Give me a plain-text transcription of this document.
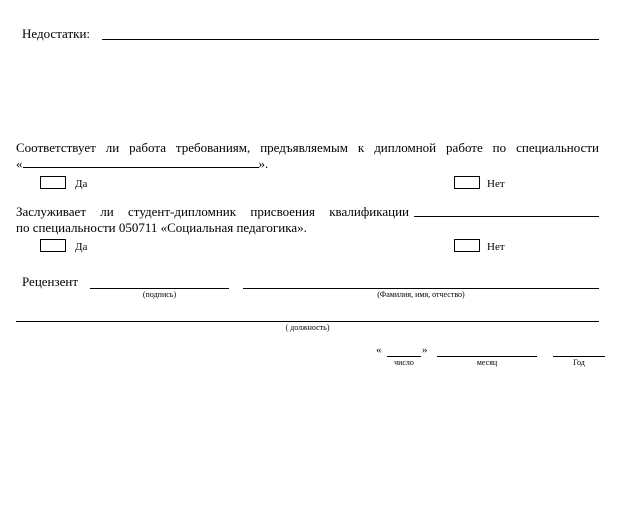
Недостатки:
Соответствует ли работа требованиям, предъявляемым к дипломной работе по специальности
«	».
Да	Нет
Заслуживает ли студент-дипломник присвоения квалификации
по специальности 050711 «Социальная педагогика».
Да	Нет
Рецензент
(подпись)	(Фамилия, имя, отчество)
( должность)
«	»
число	месяц	Год
